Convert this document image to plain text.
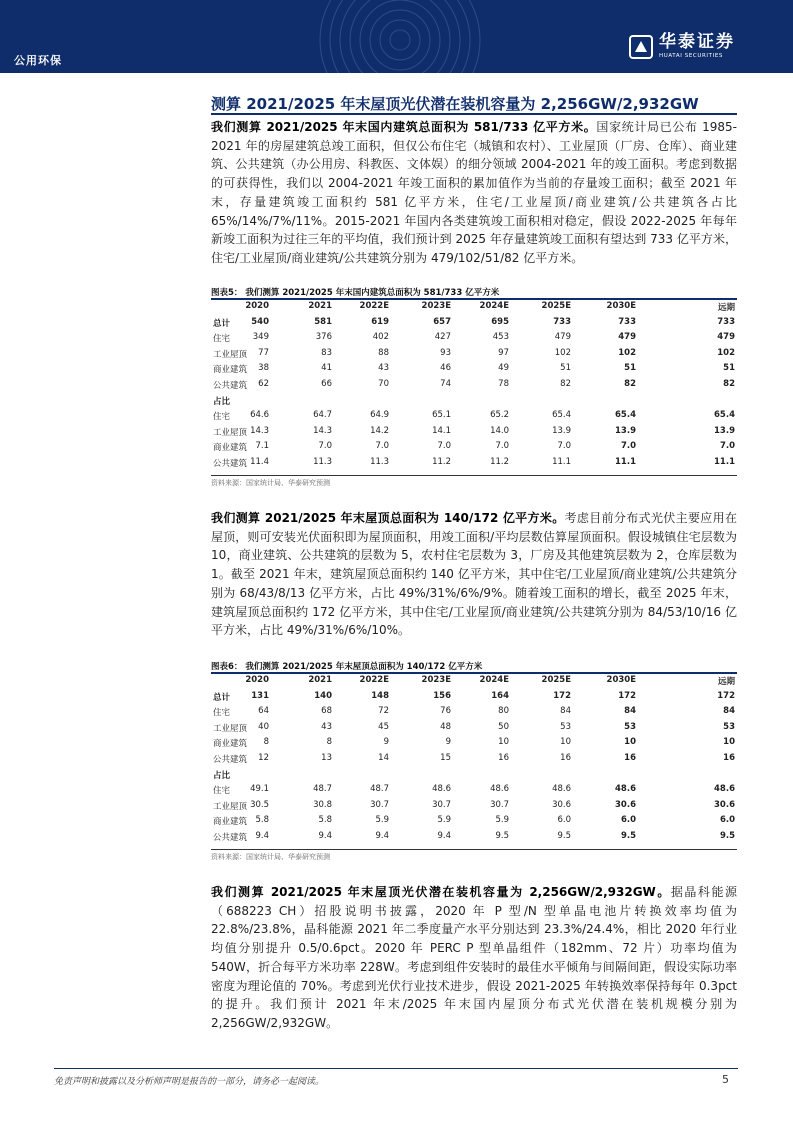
公用环保
华泰证券
HUATAI SECURITIES
测算 2021/2025 年末屋顶光伏潜在装机容量为 2,256GW/2,932GW
我们测算 2021/2025 年末国内建筑总面积为 581/733 亿平方米。国家统计局已公布 1985-2021 年的房屋建筑总竣工面积，但仅公布住宅（城镇和农村）、工业屋顶（厂房、仓库）、商业建筑、公共建筑（办公用房、科教医、文体娱）的细分领域 2004-2021 年的竣工面积。考虑到数据的可获得性，我们以 2004-2021 年竣工面积的累加值作为当前的存量竣工面积；截至 2021 年末，存量建筑竣工面积约 581 亿平方米，住宅/工业屋顶/商业建筑/公共建筑各占比 65%/14%/7%/11%。2015-2021 年国内各类建筑竣工面积相对稳定，假设 2022-2025 年每年新竣工面积为过往三年的平均值，我们预计到 2025 年存量建筑竣工面积有望达到 733 亿平方米，住宅/工业屋顶/商业建筑/公共建筑分别为 479/102/51/82 亿平方米。
图表5： 我们测算 2021/2025 年末国内建筑总面积为 581/733 亿平方米
2020	2021	2022E	2023E	2024E	2025E	2030E	远期
总计 540	581	619	657	695	733	733	733
住宅	349	376	402	427	453	479	479	479
工业屋顶 77	83	88	93	97	102	102	102
商业建筑 38	41	43	46	49	51	51	51
公共建筑 62	66	70	74	78	82	82	82
占比
住宅 64.6	64.7	64.9	65.1	65.2	65.4	65.4	65.4
工业屋顶 14.3	14.3	14.2	14.1	14.0	13.9	13.9	13.9
商业建筑 7.1	7.0	7.0	7.0	7.0	7.0	7.0	7.0
公共建筑 11.4	11.3	11.3	11.2	11.2	11.1	11.1	11.1
资料来源：国家统计局、华泰研究预测
我们测算 2021/2025 年末屋顶总面积为 140/172 亿平方米。考虑目前分布式光伏主要应用在屋顶，则可安装光伏面积即为屋顶面积，用竣工面积/平均层数估算屋顶面积。假设城镇住宅层数为 10，商业建筑、公共建筑的层数为 5，农村住宅层数为 3，厂房及其他建筑层数为 2，仓库层数为 1。截至 2021 年末，建筑屋顶总面积约 140 亿平方米，其中住宅/工业屋顶/商业建筑/公共建筑分别为 68/43/8/13 亿平方米，占比 49%/31%/6%/9%。随着竣工面积的增长，截至 2025 年末，建筑屋顶总面积约 172 亿平方米，其中住宅/工业屋顶/商业建筑/公共建筑分别为 84/53/10/16 亿平方米，占比 49%/31%/6%/10%。
图表6： 我们测算 2021/2025 年末屋顶总面积为 140/172 亿平方米
2020	2021	2022E	2023E	2024E	2025E	2030E	远期
总计 131	140	148	156	164	172	172	172
住宅	64	68	72	76	80	84	84	84
工业屋顶 40	43	45	48	50	53	53	53
商业建筑 8	8	9	9	10	10	10	10
公共建筑 12	13	14	15	16	16	16	16
占比
住宅 49.1	48.7	48.7	48.6	48.6	48.6	48.6	48.6
工业屋顶 30.5	30.8	30.7	30.7	30.7	30.6	30.6	30.6
商业建筑 5.8	5.8	5.9	5.9	5.9	6.0	6.0	6.0
公共建筑 9.4	9.4	9.4	9.4	9.5	9.5	9.5	9.5
资料来源：国家统计局、华泰研究预测
我们测算 2021/2025 年末屋顶光伏潜在装机容量为 2,256GW/2,932GW。据晶科能源（688223 CH）招股说明书披露，2020 年 P 型/N 型单晶电池片转换效率均值为 22.8%/23.8%，晶科能源 2021 年二季度量产水平分别达到 23.3%/24.4%，相比 2020 年行业均值分别提升 0.5/0.6pct。2020 年 PERC P 型单晶组件（182mm、72 片）功率均值为 540W，折合每平方米功率 228W。考虑到组件安装时的最佳水平倾角与间隔间距，假设实际功率密度为理论值的 70%。考虑到光伏行业技术进步，假设 2021-2025 年转换效率保持每年 0.3pct 的提升。我们预计 2021 年末/2025 年末国内屋顶分布式光伏潜在装机规模分别为 2,256GW/2,932GW。
免责声明和披露以及分析师声明是报告的一部分，请务必一起阅读。	5
